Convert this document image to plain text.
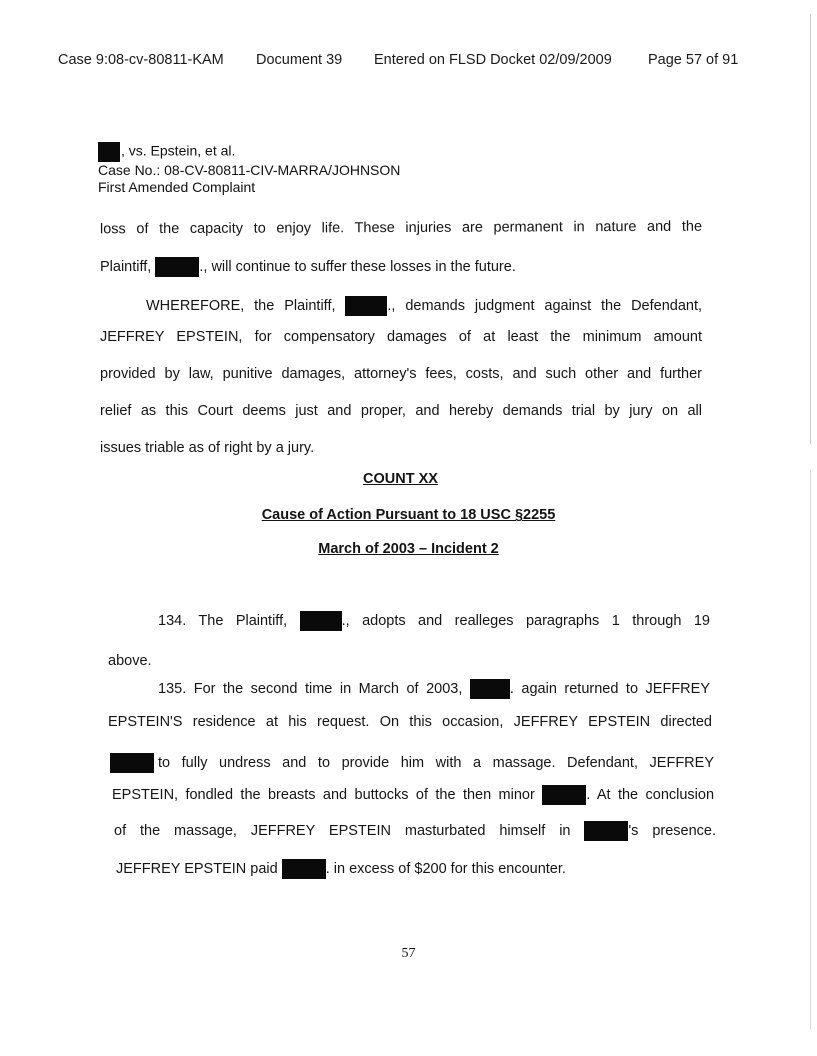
Case 9:08-cv-80811-KAM Document 39 Entered on FLSD Docket 02/09/2009 Page 57 of 91
, vs. Epstein, et al.
Case No.: 08-CV-80811-CIV-MARRA/JOHNSON
First Amended Complaint
loss of the capacity to enjoy life. These injuries are permanent in nature and the
Plaintiff,	., will continue to suffer these losses in the future.
WHEREFORE, the Plaintiff,	., demands judgment against the Defendant,
JEFFREY EPSTEIN, for compensatory damages of at least the minimum amount
provided by law, punitive damages, attorney's fees, costs, and such other and further
relief as this Court deems just and proper, and hereby demands trial by jury on all
issues triable as of right by a jury.
134. The Plaintiff,	., adopts and realleges paragraphs 1 through 19
above.
135. For the second time in March of 2003,	. again returned to JEFFREY
EPSTEIN'S residence at his request. On this occasion, JEFFREY EPSTEIN directed
to fully undress and to provide him with a massage. Defendant, JEFFREY
EPSTEIN, fondled the breasts and buttocks of the then minor	. At the conclusion
of the massage, JEFFREY EPSTEIN masturbated himself in	's presence.
JEFFREY EPSTEIN paid	. in excess of $200 for this encounter.
COUNT XX
Cause of Action Pursuant to 18 USC §2255
March of 2003 – Incident 2
57
